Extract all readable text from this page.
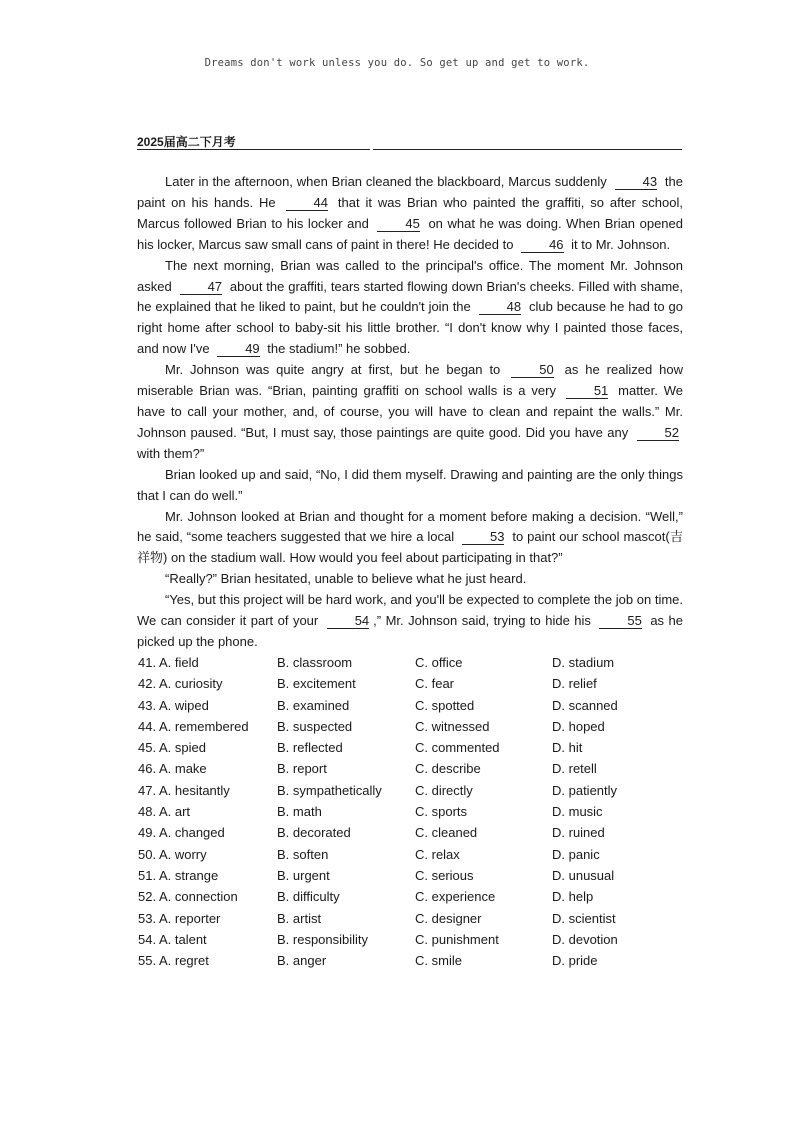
Dreams don't work unless you do. So get up and get to work.
2025届高二下月考

Later in the afternoon, when Brian cleaned the blackboard, Marcus suddenly 43 the paint on his hands. He 44 that it was Brian who painted the graffiti, so after school, Marcus followed Brian to his locker and 45 on what he was doing. When Brian opened his locker, Marcus saw small cans of paint in there! He decided to 46 it to Mr. Johnson.

The next morning, Brian was called to the principal's office. The moment Mr. Johnson asked 47 about the graffiti, tears started flowing down Brian's cheeks. Filled with shame, he explained that he liked to paint, but he couldn't join the 48 club because he had to go right home after school to baby-sit his little brother. “I don't know why I painted those faces, and now I've 49 the stadium!” he sobbed.

Mr. Johnson was quite angry at first, but he began to 50 as he realized how miserable Brian was. “Brian, painting graffiti on school walls is a very 51 matter. We have to call your mother, and, of course, you will have to clean and repaint the walls.” Mr. Johnson paused. “But, I must say, those paintings are quite good. Did you have any 52 with them?”

Brian looked up and said, “No, I did them myself. Drawing and painting are the only things that I can do well.”

Mr. Johnson looked at Brian and thought for a moment before making a decision. “Well,” he said, “some teachers suggested that we hire a local 53 to paint our school mascot(吉祥物) on the stadium wall. How would you feel about participating in that?”

“Really?” Brian hesitated, unable to believe what he just heard.

“Yes, but this project will be hard work, and you'll be expected to complete the job on time. We can consider it part of your 54 ,” Mr. Johnson said, trying to hide his 55 as he picked up the phone.

41. A. field	B. classroom	C. office	D. stadium
42. A. curiosity	B. excitement	C. fear	D. relief
43. A. wiped	B. examined	C. spotted	D. scanned
44. A. remembered B. suspected	C. witnessed	D. hoped
45. A. spied	B. reflected	C. commented	D. hit
46. A. make	B. report	C. describe	D. retell
47. A. hesitantly	B. sympathetically	C. directly	D. patiently
48. A. art	B. math	C. sports	D. music
49. A. changed	B. decorated	C. cleaned	D. ruined
50. A. worry	B. soften	C. relax	D. panic
51. A. strange	B. urgent	C. serious	D. unusual
52. A. connection	B. difficulty	C. experience	D. help
53. A. reporter	B. artist	C. designer	D. scientist
54. A. talent	B. responsibility	C. punishment	D. devotion
55. A. regret	B. anger	C. smile	D. pride
